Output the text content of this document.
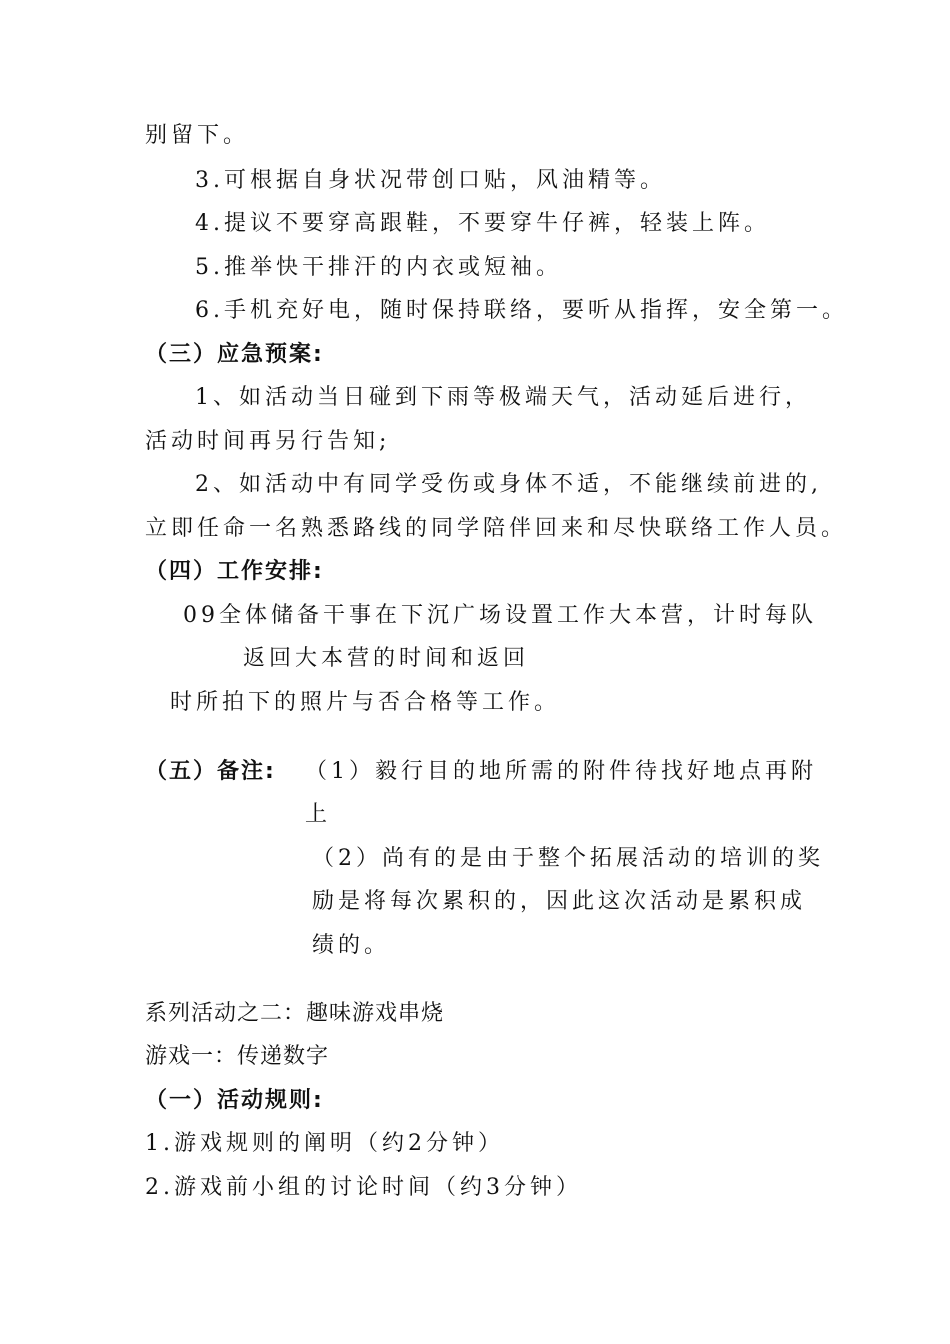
别留下。
3.可根据自身状况带创口贴，风油精等。
4.提议不要穿高跟鞋，不要穿牛仔裤，轻装上阵。
5.推举快干排汗的内衣或短袖。
6.手机充好电，随时保持联络，要听从指挥，安全第一。
（三）应急预案:
1、如活动当日碰到下雨等极端天气，活动延后进行，
活动时间再另行告知;
2、如活动中有同学受伤或身体不适，不能继续前进的,
立即任命一名熟悉路线的同学陪伴回来和尽快联络工作人员。
（四）工作安排:
09全体储备干事在下沉广场设置工作大本营，计时每队
返回大本营的时间和返回
时所拍下的照片与否合格等工作。
（五）备注: （1）毅行目的地所需的附件待找好地点再附
上
（2）尚有的是由于整个拓展活动的培训的奖
励是将每次累积的，因此这次活动是累积成
绩的。
系列活动之二：趣味游戏串烧
游戏一：传递数字
（一）活动规则:
1.游戏规则的阐明（约2分钟）
2.游戏前小组的讨论时间（约3分钟）
